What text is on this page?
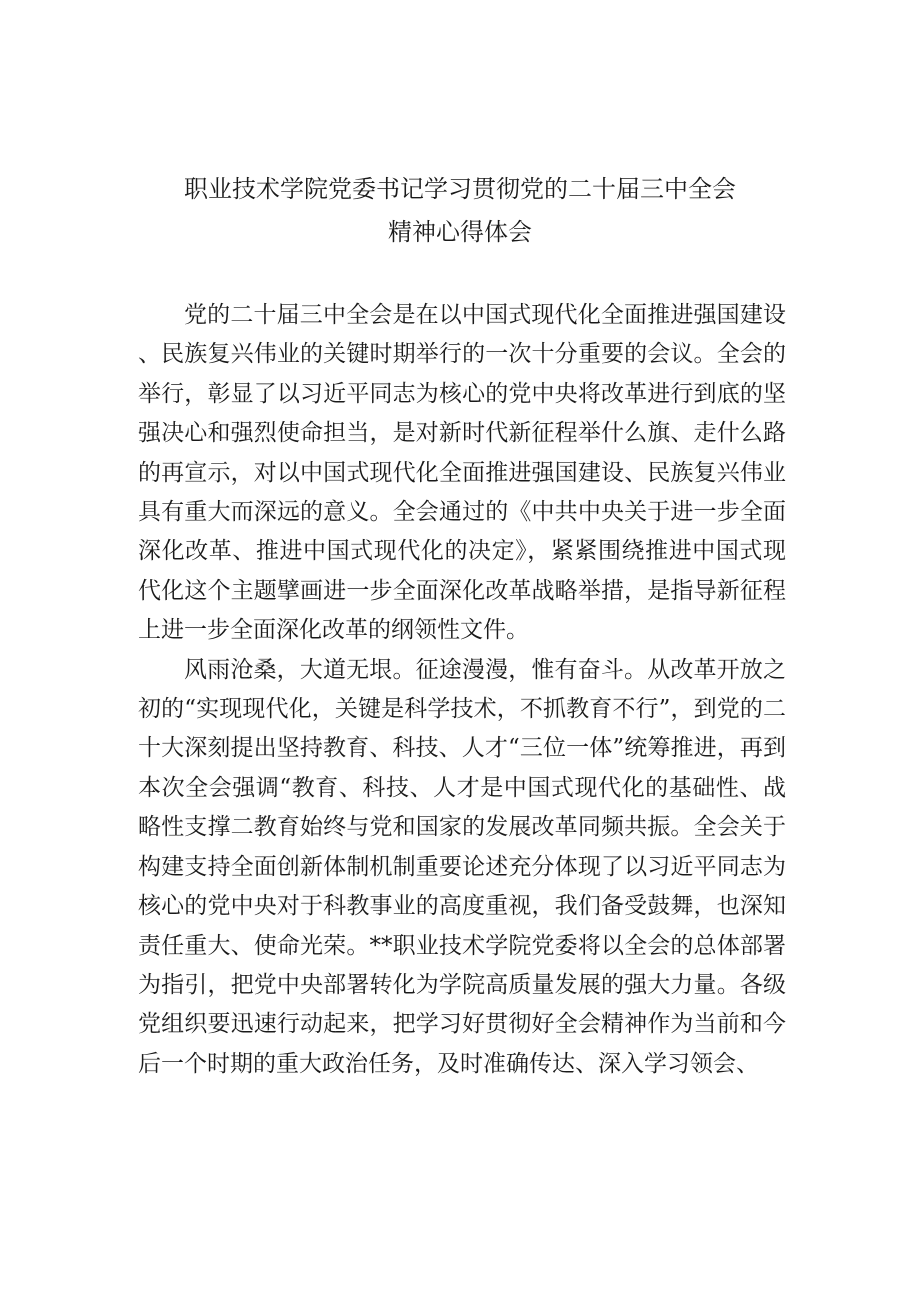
职业技术学院党委书记学习贯彻党的二十届三中全会
精神心得体会

党的二十届三中全会是在以中国式现代化全面推进强国建设、民族复兴伟业的关键时期举行的一次十分重要的会议。全会的举行，彰显了以习近平同志为核心的党中央将改革进行到底的坚强决心和强烈使命担当，是对新时代新征程举什么旗、走什么路的再宣示，对以中国式现代化全面推进强国建设、民族复兴伟业具有重大而深远的意义。全会通过的《中共中央关于进一步全面深化改革、推进中国式现代化的决定》，紧紧围绕推进中国式现代化这个主题擘画进一步全面深化改革战略举措，是指导新征程上进一步全面深化改革的纲领性文件。

风雨沧桑，大道无垠。征途漫漫，惟有奋斗。从改革开放之初的“实现现代化，关键是科学技术，不抓教育不行”，到党的二十大深刻提出坚持教育、科技、人才“三位一体”统筹推进，再到本次全会强调“教育、科技、人才是中国式现代化的基础性、战略性支撑二教育始终与党和国家的发展改革同频共振。全会关于构建支持全面创新体制机制重要论述充分体现了以习近平同志为核心的党中央对于科教事业的高度重视，我们备受鼓舞，也深知责任重大、使命光荣。**职业技术学院党委将以全会的总体部署为指引，把党中央部署转化为学院高质量发展的强大力量。各级党组织要迅速行动起来，把学习好贯彻好全会精神作为当前和今后一个时期的重大政治任务，及时准确传达、深入学习领会、
